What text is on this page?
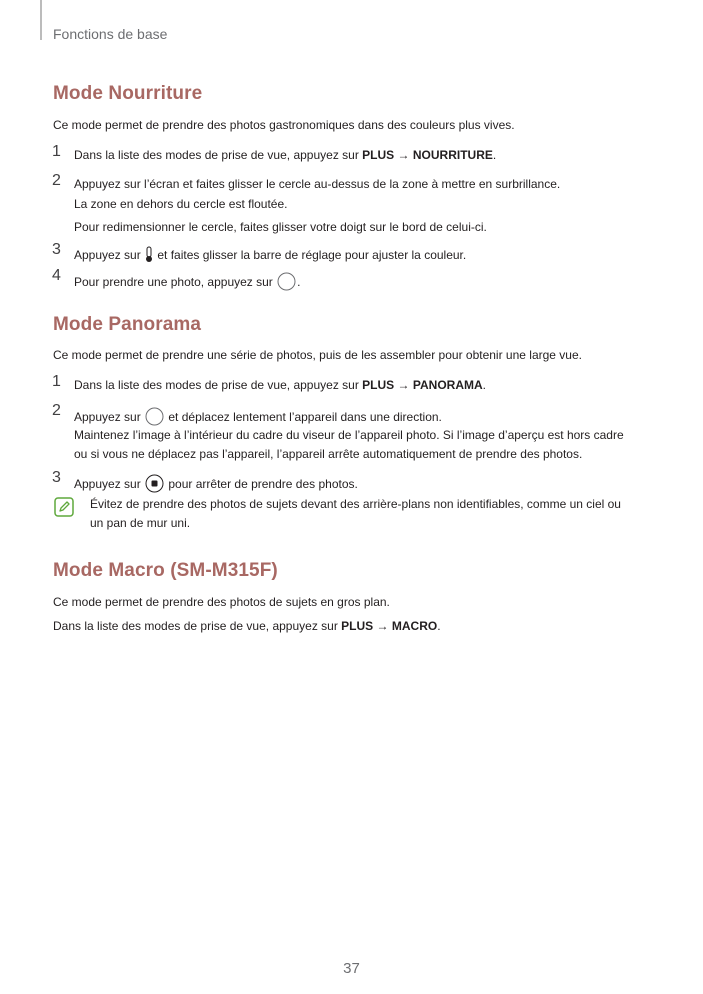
Fonctions de base
Mode Nourriture
Ce mode permet de prendre des photos gastronomiques dans des couleurs plus vives.
1 Dans la liste des modes de prise de vue, appuyez sur PLUS → NOURRITURE.
2 Appuyez sur l’écran et faites glisser le cercle au-dessus de la zone à mettre en surbrillance.
La zone en dehors du cercle est floutée.
Pour redimensionner le cercle, faites glisser votre doigt sur le bord de celui-ci.
3 Appuyez sur  et faites glisser la barre de réglage pour ajuster la couleur.
4 Pour prendre une photo, appuyez sur .
Mode Panorama
Ce mode permet de prendre une série de photos, puis de les assembler pour obtenir une large vue.
1 Dans la liste des modes de prise de vue, appuyez sur PLUS → PANORAMA.
2 Appuyez sur  et déplacez lentement l’appareil dans une direction.
Maintenez l’image à l’intérieur du cadre du viseur de l’appareil photo. Si l’image d’aperçu est hors cadre
ou si vous ne déplacez pas l’appareil, l’appareil arrête automatiquement de prendre des photos.
3 Appuyez sur  pour arrêter de prendre des photos.
Évitez de prendre des photos de sujets devant des arrière-plans non identifiables, comme un ciel ou
un pan de mur uni.
Mode Macro (SM-M315F)
Ce mode permet de prendre des photos de sujets en gros plan.
Dans la liste des modes de prise de vue, appuyez sur PLUS → MACRO.
37
